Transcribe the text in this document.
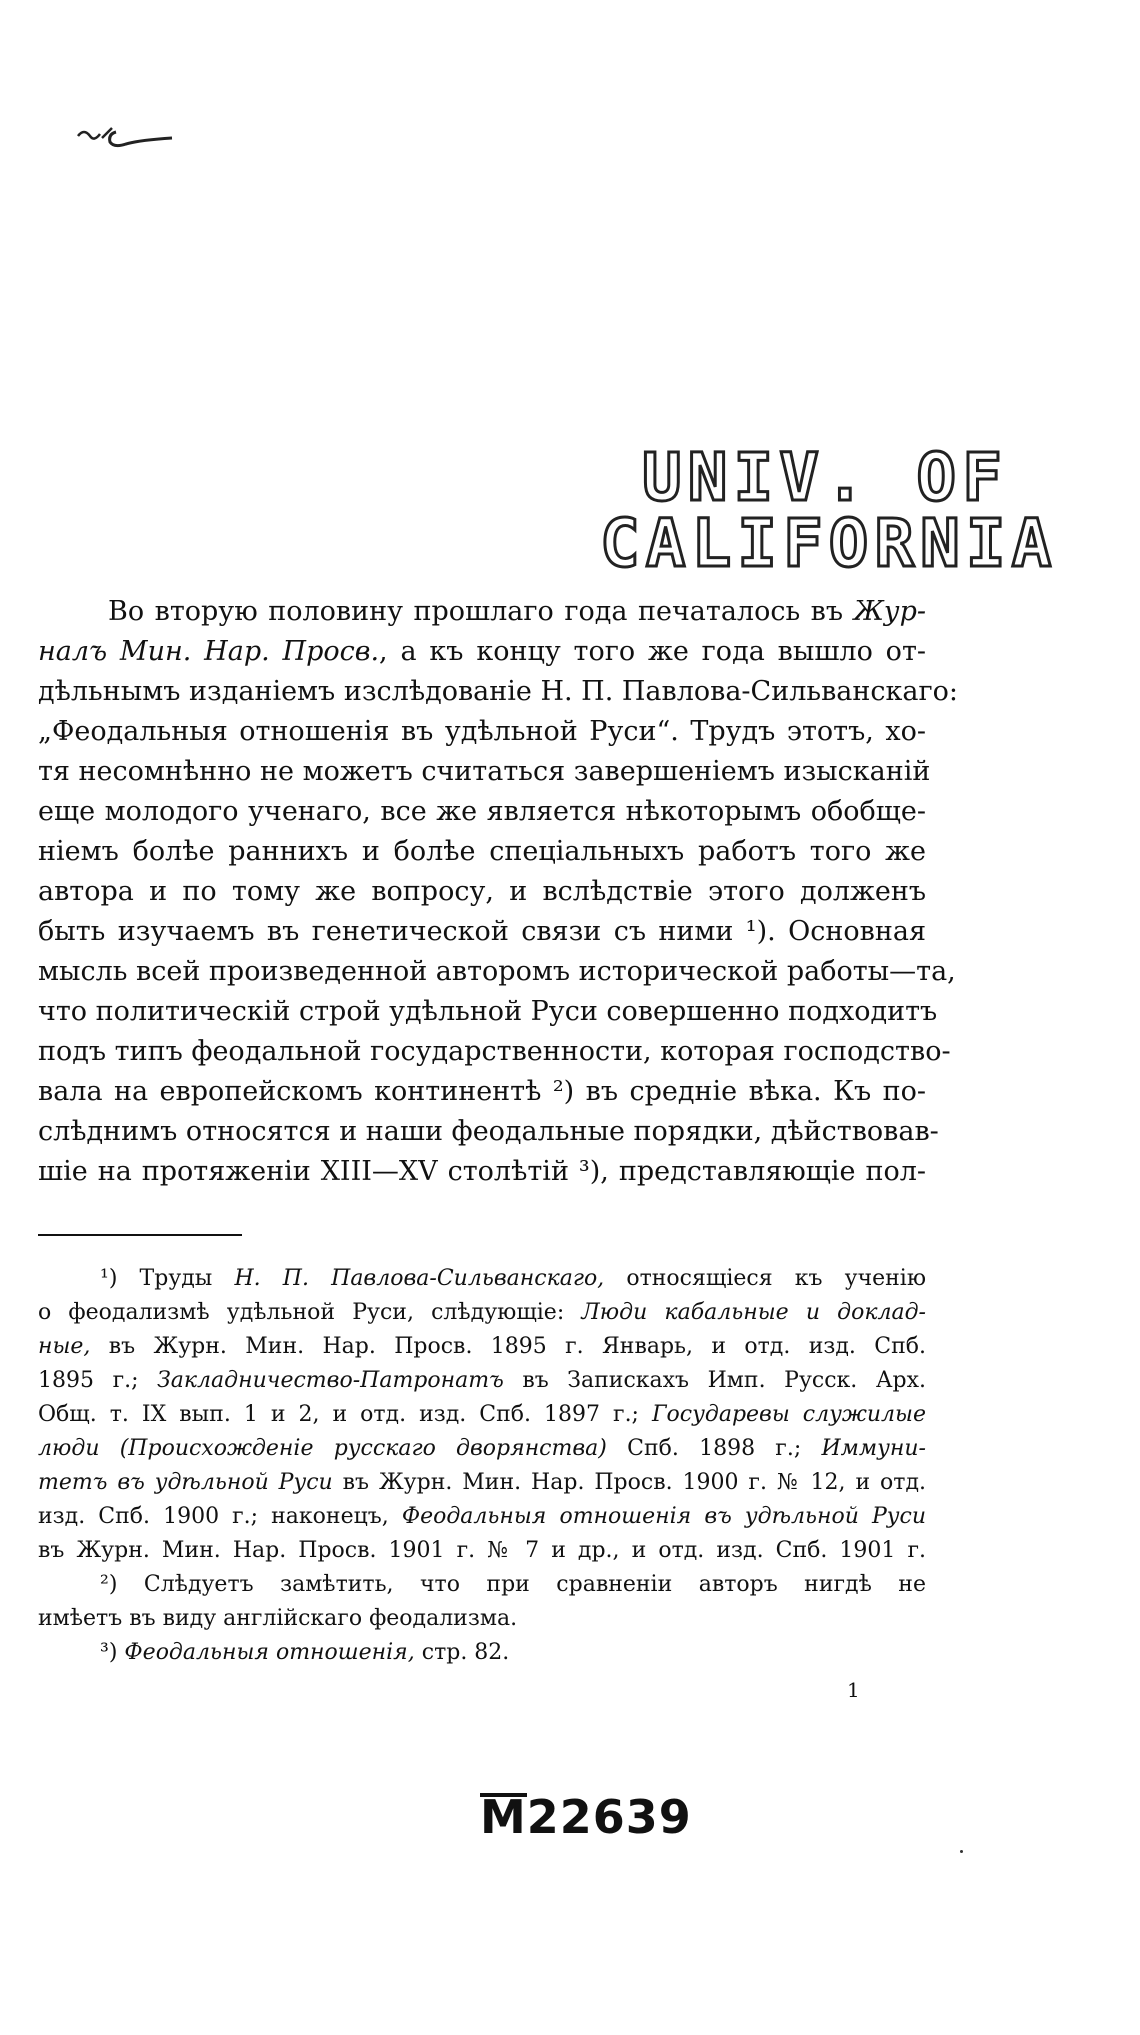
UNIV. OF
CALIFORNIA
Во вторую половину прошлаго года печаталось въ Жур-
налъ Мин. Нар. Просв., а къ концу того же года вышло от-
дѣльнымъ изданіемъ изслѣдованіе Н. П. Павлова-Сильванскаго:
„Феодальныя отношенія въ удѣльной Руси“. Трудъ этотъ, хо-
тя несомнѣнно не можетъ считаться завершеніемъ изысканій
еще молодого ученаго, все же является нѣкоторымъ обобще-
ніемъ болѣе раннихъ и болѣе спеціальныхъ работъ того же
автора и по тому же вопросу, и вслѣдствіе этого долженъ
быть изучаемъ въ генетической связи съ ними ¹). Основная
мысль всей произведенной авторомъ исторической работы—та,
что политическій строй удѣльной Руси совершенно подходитъ
подъ типъ феодальной государственности, которая господство-
вала на европейскомъ континентѣ ²) въ средніе вѣка. Къ по-
слѣднимъ относятся и наши феодальные порядки, дѣйствовав-
шіе на протяженіи XIII—XV столѣтій ³), представляющіе пол-
¹) Труды Н. П. Павлова-Сильванскаго, относящіеся къ ученію
о феодализмѣ удѣльной Руси, слѣдующіе: Люди кабальные и доклад-
ные, въ Журн. Мин. Нар. Просв. 1895 г. Январь, и отд. изд. Спб.
1895 г.; Закладничество-Патронатъ въ Запискахъ Имп. Русск. Арх.
Общ. т. IX вып. 1 и 2, и отд. изд. Спб. 1897 г.; Государевы служилые
люди (Происхожденіе русскаго дворянства) Спб. 1898 г.; Иммуни-
тетъ въ удѣльной Руси въ Журн. Мин. Нар. Просв. 1900 г. № 12, и отд.
изд. Спб. 1900 г.; наконецъ, Феодальныя отношенія въ удѣльной Руси
въ Журн. Мин. Нар. Просв. 1901 г. № 7 и др., и отд. изд. Спб. 1901 г.
²) Слѣдуетъ замѣтить, что при сравненіи авторъ нигдѣ не
имѣетъ въ виду англійскаго феодализма.
³) Феодальныя отношенія, стр. 82.
1
M22639
